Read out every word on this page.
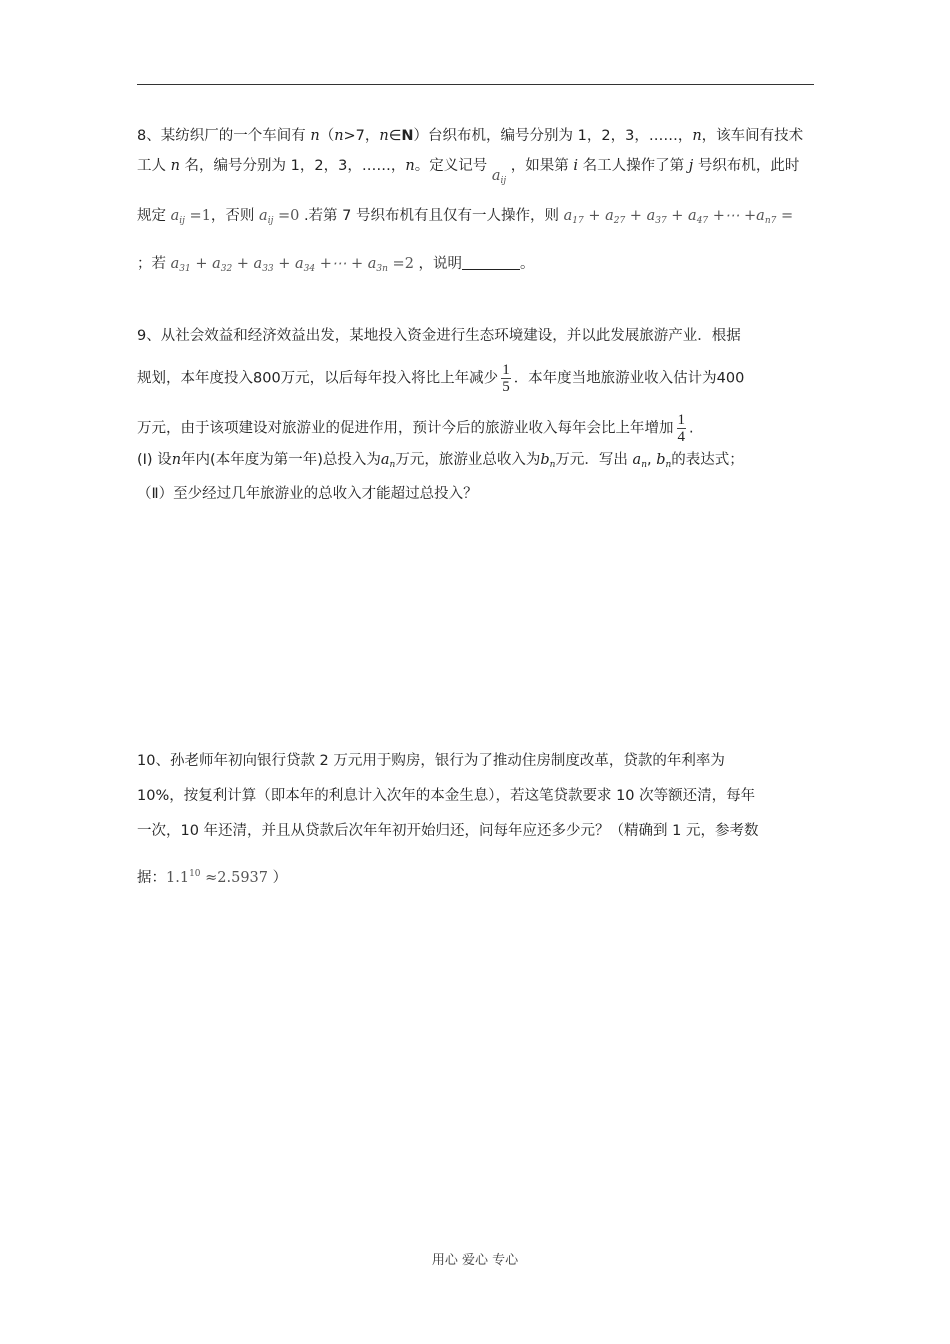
8、某纺织厂的一个车间有 n（n>7，n∈N）台织布机，编号分别为 1，2，3，……，n，该车间有技术
工人 n 名，编号分别为 1，2，3，……，n。定义记号 $a_{ij}$ ，如果第 i 名工人操作了第 j 号织布机，此时
规定 $a_{ij} =1$，否则 $a_{ij} =0$ .若第 7 号织布机有且仅有一人操作，则 $a_{17} + a_{27} + a_{37} + a_{47}$ +⋯ $+a_{n7}$ =
；若 $a_{31} + a_{32} + a_{33} + a_{34}$ +⋯ + $a_{3n} =2$ ，说明	。
9、从社会效益和经济效益出发，某地投入资金进行生态环境建设，并以此发展旅游产业．根据
规划，本年度投入800万元，以后每年投入将比上年减少 $\frac{1}{5}$ ．本年度当地旅游业收入估计为400
万元，由于该项建设对旅游业的促进作用，预计今后的旅游业收入每年会比上年增加 $\frac{1}{4}$ .
(Ⅰ) 设n年内(本年度为第一年)总投入为$a_n$万元，旅游业总收入为$b_n$万元．写出 $a_n$, $b_n$的表达式；
（Ⅱ）至少经过几年旅游业的总收入才能超过总投入？
10、孙老师年初向银行贷款 2 万元用于购房，银行为了推动住房制度改革，贷款的年利率为
10%，按复利计算（即本年的利息计入次年的本金生息），若这笔贷款要求 10 次等额还清，每年
一次，10 年还清，并且从贷款后次年年初开始归还，问每年应还多少元？（精确到 1 元，参考数
据：$1.1^{10} \approx 2.5937$ ）
用心 爱心 专心
